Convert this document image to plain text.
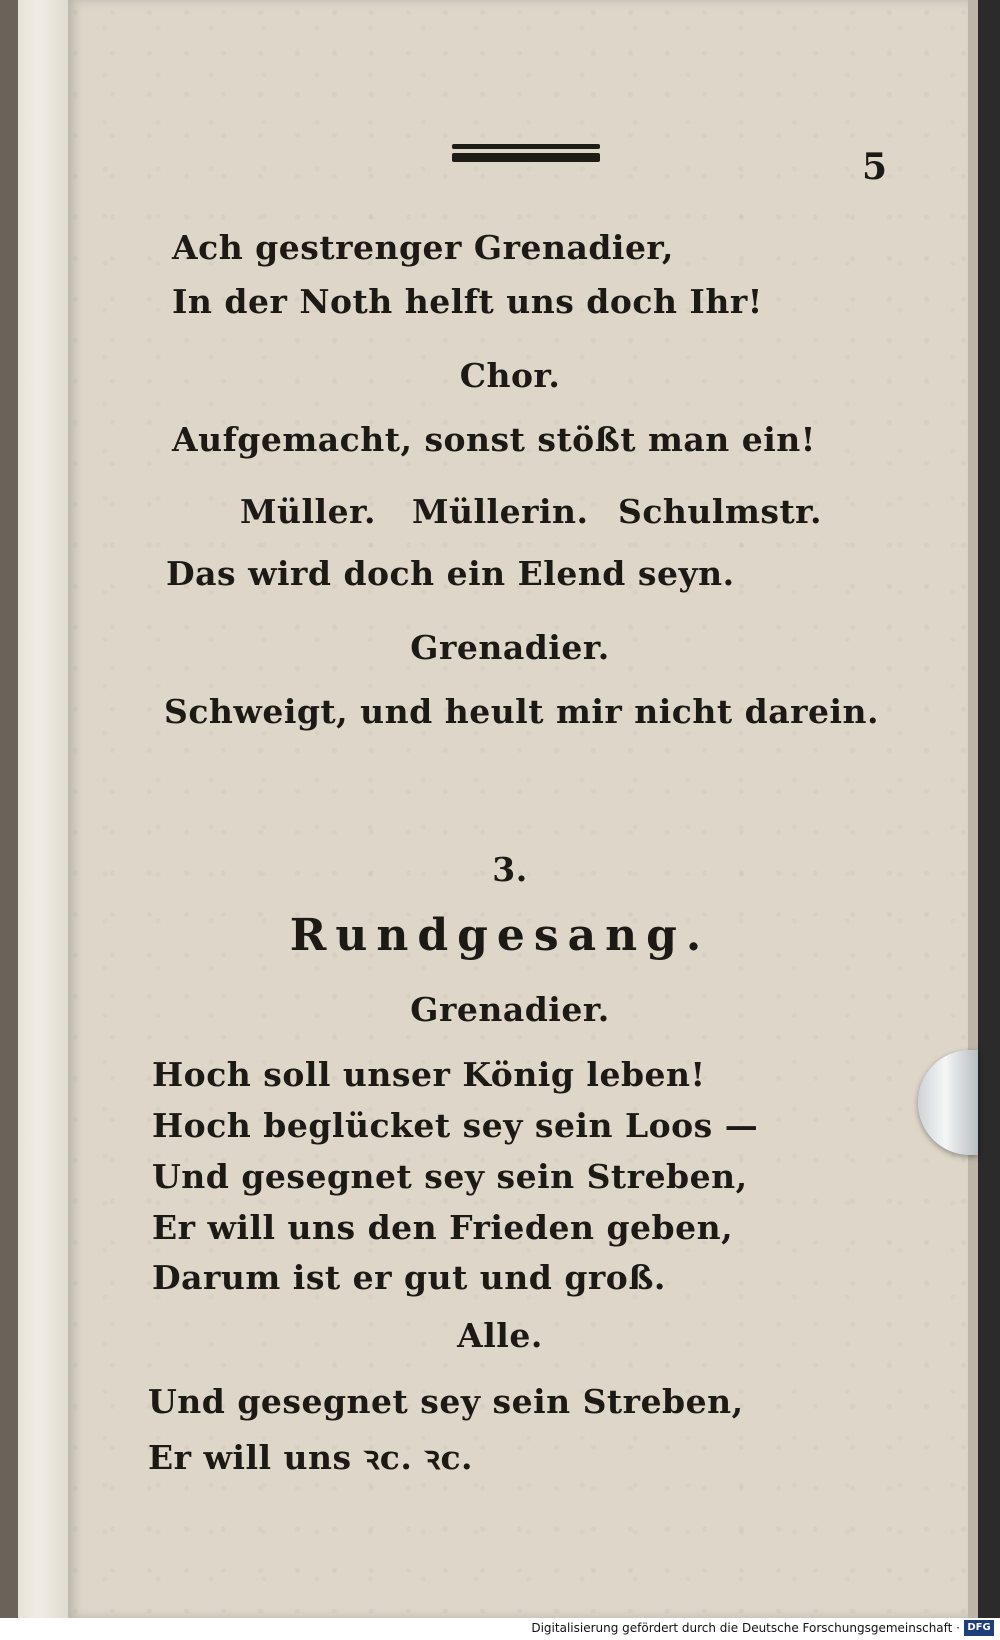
5
Ach gestrenger Grenadier,
In der Noth helft uns doch Ihr!
Chor.
Aufgemacht, sonst stößt man ein!
Müller. Müllerin. Schulmstr.
Das wird doch ein Elend seyn.
Grenadier.
Schweigt, und heult mir nicht darein.
3.
Rundgesang.
Grenadier.
Hoch soll unser König leben!
Hoch beglücket sey sein Loos —
Und gesegnet sey sein Streben,
Er will uns den Frieden geben,
Darum ist er gut und groß.
Alle.
Und gesegnet sey sein Streben,
Er will uns ꝛc. ꝛc.
Digitalisierung gefördert durch die Deutsche Forschungsgemeinschaft · DFG
